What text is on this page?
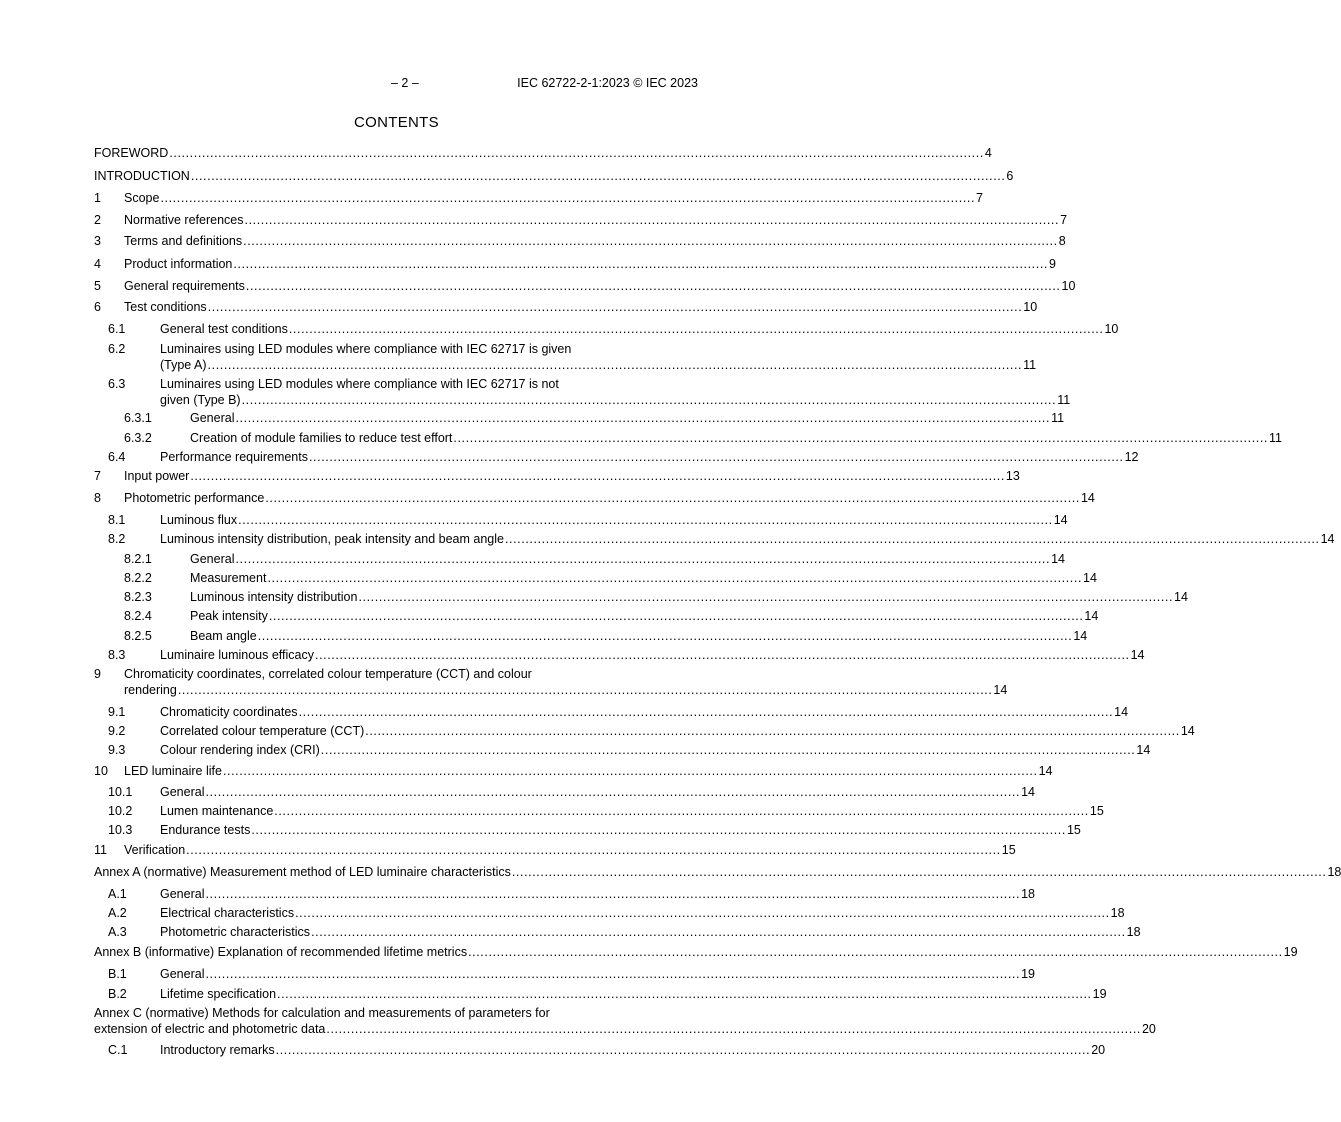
– 2 –	IEC 62722-2-1:2023 © IEC 2023
CONTENTS
FOREWORD ........................................................................................................................................................................................................ 4
INTRODUCTION ........................................................................................................................................................................................................ 6
1 Scope ........................................................................................................................................................................................................ 7
2 Normative references ........................................................................................................................................................................................................ 7
3 Terms and definitions ........................................................................................................................................................................................................ 8
4 Product information ........................................................................................................................................................................................................ 9
5 General requirements ........................................................................................................................................................................................................ 10
6 Test conditions ........................................................................................................................................................................................................ 10
6.1	General test conditions ........................................................................................................................................................................................................ 10
6.2	Luminaires using LED modules where compliance with IEC 62717 is given
(Type A) ........................................................................................................................................................................................................ 11
6.3	Luminaires using LED modules where compliance with IEC 62717 is not
given (Type B) ........................................................................................................................................................................................................ 11
6.3.1	General ........................................................................................................................................................................................................ 11
6.3.2	Creation of module families to reduce test effort ........................................................................................................................................................................................................ 11
6.4	Performance requirements ........................................................................................................................................................................................................ 12
7 Input power ........................................................................................................................................................................................................ 13
8 Photometric performance ........................................................................................................................................................................................................ 14
8.1	Luminous flux ........................................................................................................................................................................................................ 14
8.2	Luminous intensity distribution, peak intensity and beam angle ........................................................................................................................................................................................................ 14
8.2.1	General ........................................................................................................................................................................................................ 14
8.2.2	Measurement ........................................................................................................................................................................................................ 14
8.2.3	Luminous intensity distribution ........................................................................................................................................................................................................ 14
8.2.4	Peak intensity ........................................................................................................................................................................................................ 14
8.2.5	Beam angle ........................................................................................................................................................................................................ 14
8.3	Luminaire luminous efficacy ........................................................................................................................................................................................................ 14
9 Chromaticity coordinates, correlated colour temperature (CCT) and colour
rendering ........................................................................................................................................................................................................ 14
9.1	Chromaticity coordinates ........................................................................................................................................................................................................ 14
9.2	Correlated colour temperature (CCT) ........................................................................................................................................................................................................ 14
9.3	Colour rendering index (CRI) ........................................................................................................................................................................................................ 14
10 LED luminaire life ........................................................................................................................................................................................................ 14
10.1 General ........................................................................................................................................................................................................ 14
10.2 Lumen maintenance ........................................................................................................................................................................................................ 15
10.3 Endurance tests ........................................................................................................................................................................................................ 15
11 Verification ........................................................................................................................................................................................................ 15
Annex A (normative) Measurement method of LED luminaire characteristics ........................................................................................................................................................................................................ 18
A.1	General ........................................................................................................................................................................................................ 18
A.2	Electrical characteristics ........................................................................................................................................................................................................ 18
A.3	Photometric characteristics ........................................................................................................................................................................................................ 18
Annex B (informative) Explanation of recommended lifetime metrics ........................................................................................................................................................................................................ 19
B.1	General ........................................................................................................................................................................................................ 19
B.2	Lifetime specification ........................................................................................................................................................................................................ 19
Annex C (normative) Methods for calculation and measurements of parameters for
extension of electric and photometric data ........................................................................................................................................................................................................ 20
C.1	Introductory remarks ........................................................................................................................................................................................................ 20
